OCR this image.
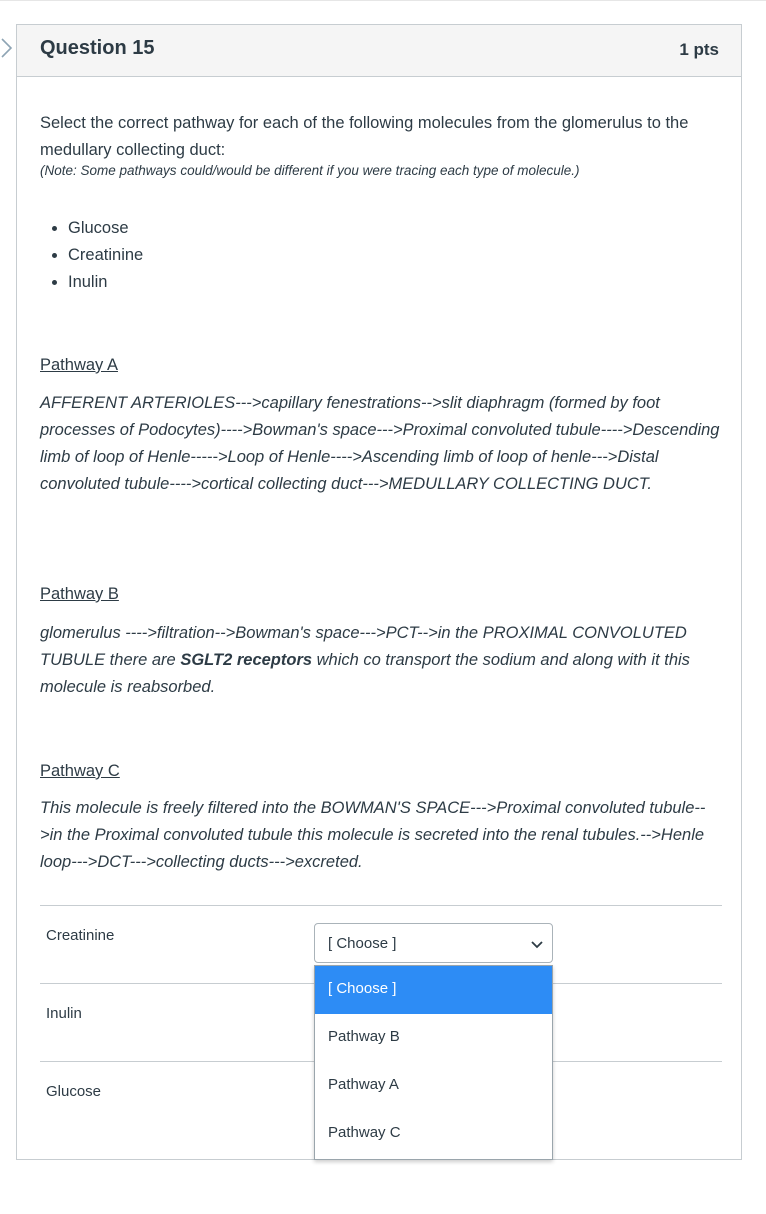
Question 15	1 pts

Select the correct pathway for each of the following molecules from the glomerulus to the medullary collecting duct:

(Note: Some pathways could/would be different if you were tracing each type of molecule.)

• Glucose
• Creatinine
• Inulin

Pathway A

AFFERENT ARTERIOLES--->capillary fenestrations-->slit diaphragm (formed by foot processes of Podocytes)---->Bowman's space--->Proximal convoluted tubule---->Descending limb of loop of Henle----->Loop of Henle---->Ascending limb of loop of henle--->Distal convoluted tubule---->cortical collecting duct--->MEDULLARY COLLECTING DUCT.

Pathway B

glomerulus ---->filtration-->Bowman's space--->PCT-->in the PROXIMAL CONVOLUTED TUBULE there are SGLT2 receptors which co transport the sodium and along with it this molecule is reabsorbed.

Pathway C

This molecule is freely filtered into the BOWMAN'S SPACE--->Proximal convoluted tubule-->in the Proximal convoluted tubule this molecule is secreted into the renal tubules.-->Henle loop--->DCT--->collecting ducts--->excreted.

Creatinine
Inulin
Glucose
[ Choose ]
[ Choose ]
Pathway B
Pathway A
Pathway C
